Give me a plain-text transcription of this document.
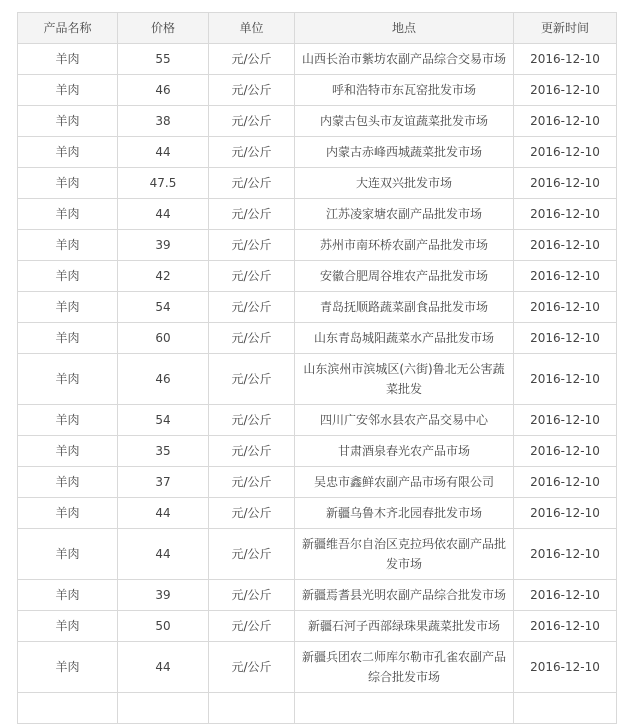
产品名称	价格	单位	地点	更新时间
羊肉	55	元/公斤	山西长治市紫坊农副产品综合交易市场	2016-12-10
羊肉	46	元/公斤	呼和浩特市东瓦窑批发市场	2016-12-10
羊肉	38	元/公斤	内蒙古包头市友谊蔬菜批发市场	2016-12-10
羊肉	44	元/公斤	内蒙古赤峰西城蔬菜批发市场	2016-12-10
羊肉	47.5	元/公斤	大连双兴批发市场	2016-12-10
羊肉	44	元/公斤	江苏凌家塘农副产品批发市场	2016-12-10
羊肉	39	元/公斤	苏州市南环桥农副产品批发市场	2016-12-10
羊肉	42	元/公斤	安徽合肥周谷堆农产品批发市场	2016-12-10
羊肉	54	元/公斤	青岛抚顺路蔬菜副食品批发市场	2016-12-10
羊肉	60	元/公斤	山东青岛城阳蔬菜水产品批发市场	2016-12-10
羊肉	46	元/公斤	山东滨州市滨城区(六街)鲁北无公害蔬菜批发	2016-12-10
羊肉	54	元/公斤	四川广安邻水县农产品交易中心	2016-12-10
羊肉	35	元/公斤	甘肃酒泉春光农产品市场	2016-12-10
羊肉	37	元/公斤	吴忠市鑫鲜农副产品市场有限公司	2016-12-10
羊肉	44	元/公斤	新疆乌鲁木齐北园春批发市场	2016-12-10
羊肉	44	元/公斤	新疆维吾尔自治区克拉玛依农副产品批发市场	2016-12-10
羊肉	39	元/公斤	新疆焉耆县光明农副产品综合批发市场	2016-12-10
羊肉	50	元/公斤	新疆石河子西部绿珠果蔬菜批发市场	2016-12-10
羊肉	44	元/公斤	新疆兵团农二师库尔勒市孔雀农副产品综合批发市场	2016-12-10
